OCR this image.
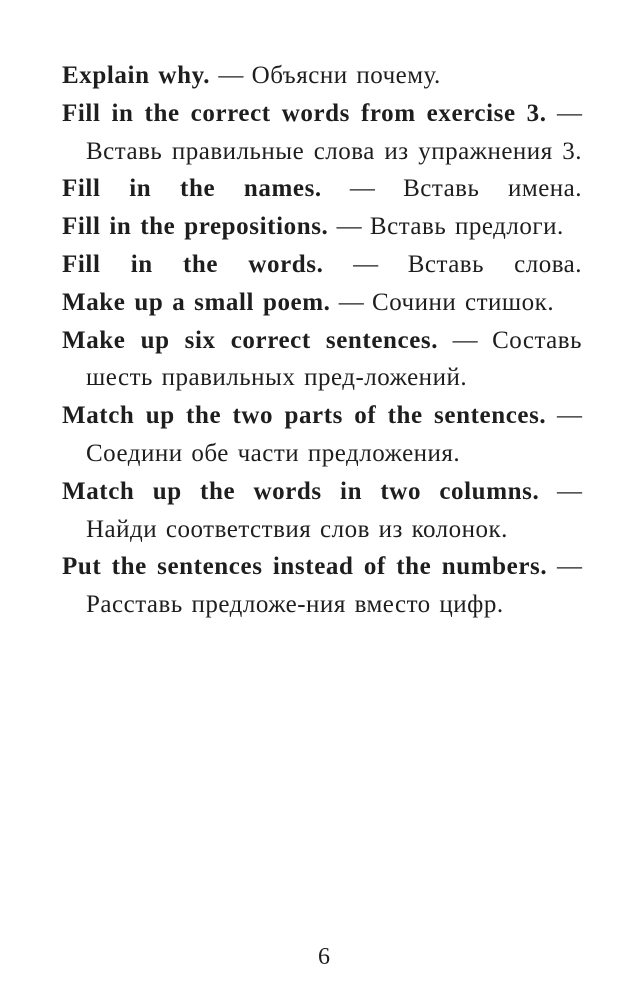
Explain why. — Объясни почему.

Fill in the correct words from exercise 3. — Вставь правильные слова из упражнения 3.

Fill in the names. — Вставь имена.

Fill in the prepositions. — Вставь предлоги.

Fill in the words. — Вставь слова.

Make up a small poem. — Сочини стишок.

Make up six correct sentences. — Составь шесть правильных пред-ложений.

Match up the two parts of the sentences. — Соедини обе части предложения.

Match up the words in two columns. — Найди соответствия слов из колонок.

Put the sentences instead of the numbers. — Расставь предложе-ния вместо цифр.

6
